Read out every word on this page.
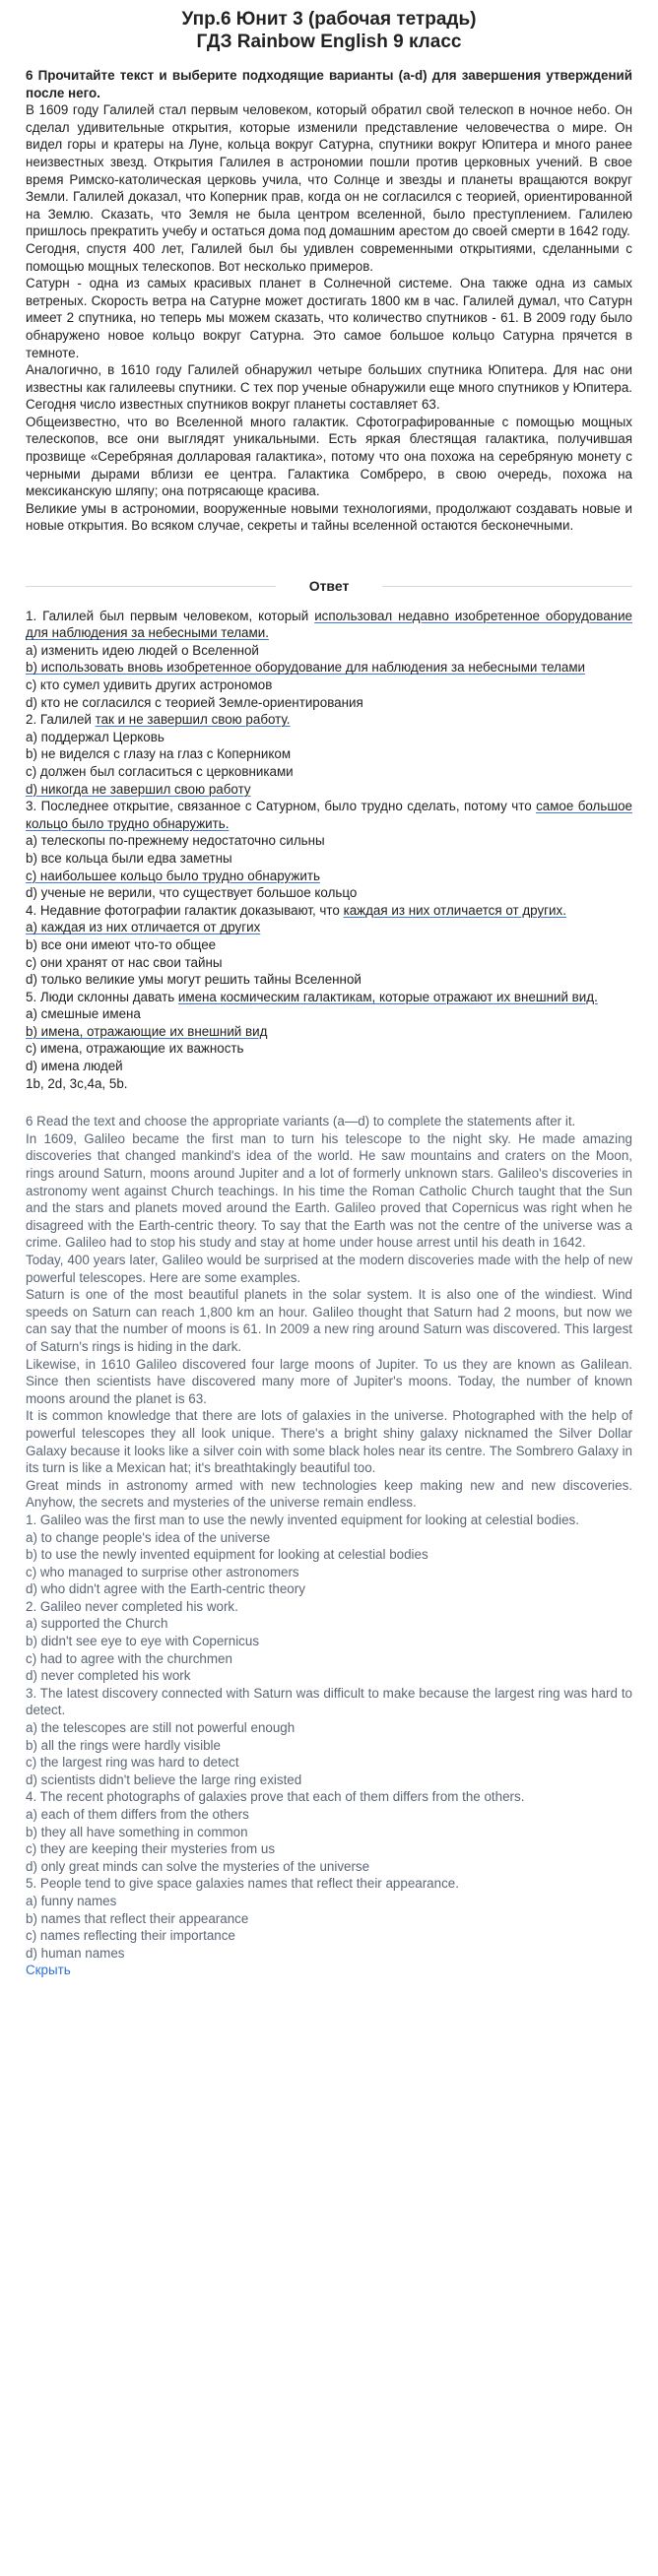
Упр.6 Юнит 3 (рабочая тетрадь)
ГДЗ Rainbow English 9 класс

6 Прочитайте текст и выберите подходящие варианты (a-d) для завершения утверждений после него.

В 1609 году Галилей стал первым человеком, который обратил свой телескоп в ночное небо. Он сделал удивительные открытия, которые изменили представление человечества о мире. Он видел горы и кратеры на Луне, кольца вокруг Сатурна, спутники вокруг Юпитера и много ранее неизвестных звезд. Открытия Галилея в астрономии пошли против церковных учений. В свое время Римско-католическая церковь учила, что Солнце и звезды и планеты вращаются вокруг Земли. Галилей доказал, что Коперник прав, когда он не согласился с теорией, ориентированной на Землю. Сказать, что Земля не была центром вселенной, было преступлением. Галилею пришлось прекратить учебу и остаться дома под домашним арестом до своей смерти в 1642 году.

Сегодня, спустя 400 лет, Галилей был бы удивлен современными открытиями, сделанными с помощью мощных телескопов. Вот несколько примеров.

Сатурн - одна из самых красивых планет в Солнечной системе. Она также одна из самых ветреных. Скорость ветра на Сатурне может достигать 1800 км в час. Галилей думал, что Сатурн имеет 2 спутника, но теперь мы можем сказать, что количество спутников - 61. В 2009 году было обнаружено новое кольцо вокруг Сатурна. Это самое большое кольцо Сатурна прячется в темноте.

Аналогично, в 1610 году Галилей обнаружил четыре больших спутника Юпитера. Для нас они известны как галилеевы спутники. С тех пор ученые обнаружили еще много спутников у Юпитера. Сегодня число известных спутников вокруг планеты составляет 63.

Общеизвестно, что во Вселенной много галактик. Сфотографированные с помощью мощных телескопов, все они выглядят уникальными. Есть яркая блестящая галактика, получившая прозвище «Серебряная долларовая галактика», потому что она похожа на серебряную монету с черными дырами вблизи ее центра. Галактика Сомбреро, в свою очередь, похожа на мексиканскую шляпу; она потрясающе красива.

Великие умы в астрономии, вооруженные новыми технологиями, продолжают создавать новые и новые открытия. Во всяком случае, секреты и тайны вселенной остаются бесконечными.

Ответ

1. Галилей был первым человеком, который использовал недавно изобретенное оборудование для наблюдения за небесными телами.

a) изменить идею людей о Вселенной

b) использовать вновь изобретенное оборудование для наблюдения за небесными телами

c) кто сумел удивить других астрономов

d) кто не согласился с теорией Земле-ориентирования

2. Галилей так и не завершил свою работу.

a) поддержал Церковь

b) не виделся с глазу на глаз с Коперником

c) должен был согласиться с церковниками

d) никогда не завершил свою работу

3. Последнее открытие, связанное с Сатурном, было трудно сделать, потому что самое большое кольцо было трудно обнаружить.

a) телескопы по-прежнему недостаточно сильны

b) все кольца были едва заметны

c) наибольшее кольцо было трудно обнаружить

d) ученые не верили, что существует большое кольцо

4. Недавние фотографии галактик доказывают, что каждая из них отличается от других.

a) каждая из них отличается от других

b) все они имеют что-то общее

c) они хранят от нас свои тайны

d) только великие умы могут решить тайны Вселенной

5. Люди склонны давать имена космическим галактикам, которые отражают их внешний вид.

a) смешные имена

b) имена, отражающие их внешний вид

c) имена, отражающие их важность

d) имена людей

1b, 2d, 3c,4a, 5b.

6 Read the text and choose the appropriate variants (a—d) to complete the statements after it.

In 1609, Galileo became the first man to turn his telescope to the night sky. He made amazing discoveries that changed mankind's idea of the world. He saw mountains and craters on the Moon, rings around Saturn, moons around Jupiter and a lot of formerly unknown stars. Galileo's discoveries in astronomy went against Church teachings. In his time the Roman Catholic Church taught that the Sun and the stars and planets moved around the Earth. Galileo proved that Copernicus was right when he disagreed with the Earth-centric theory. To say that the Earth was not the centre of the universe was a crime. Galileo had to stop his study and stay at home under house arrest until his death in 1642.

Today, 400 years later, Galileo would be surprised at the modern discoveries made with the help of new powerful telescopes. Here are some examples.

Saturn is one of the most beautiful planets in the solar system. It is also one of the windiest. Wind speeds on Saturn can reach 1,800 km an hour. Galileo thought that Saturn had 2 moons, but now we can say that the number of moons is 61. In 2009 a new ring around Saturn was discovered. This largest of Saturn's rings is hiding in the dark.

Likewise, in 1610 Galileo discovered four large moons of Jupiter. To us they are known as Galilean. Since then scientists have discovered many more of Jupiter's moons. Today, the number of known moons around the planet is 63.

It is common knowledge that there are lots of galaxies in the universe. Photographed with the help of powerful telescopes they all look unique. There's a bright shiny galaxy nicknamed the Silver Dollar Galaxy because it looks like a silver coin with some black holes near its centre. The Sombrero Galaxy in its turn is like a Mexican hat; it's breathtakingly beautiful too.

Great minds in astronomy armed with new technologies keep making new and new discoveries. Anyhow, the secrets and mysteries of the universe remain endless.

1. Galileo was the first man to use the newly invented equipment for looking at celestial bodies.

a) to change people's idea of the universe

b) to use the newly invented equipment for looking at celestial bodies

c) who managed to surprise other astronomers

d) who didn't agree with the Earth-centric theory

2. Galileo never completed his work.

a) supported the Church

b) didn't see eye to eye with Copernicus

c) had to agree with the churchmen

d) never completed his work

3. The latest discovery connected with Saturn was difficult to make because the largest ring was hard to detect.

a) the telescopes are still not powerful enough

b) all the rings were hardly visible

c) the largest ring was hard to detect

d) scientists didn't believe the large ring existed

4. The recent photographs of galaxies prove that each of them differs from the others.

a) each of them differs from the others

b) they all have something in common

c) they are keeping their mysteries from us

d) only great minds can solve the mysteries of the universe

5. People tend to give space galaxies names that reflect their appearance.

a) funny names

b) names that reflect their appearance

c) names reflecting their importance

d) human names

Скрыть
